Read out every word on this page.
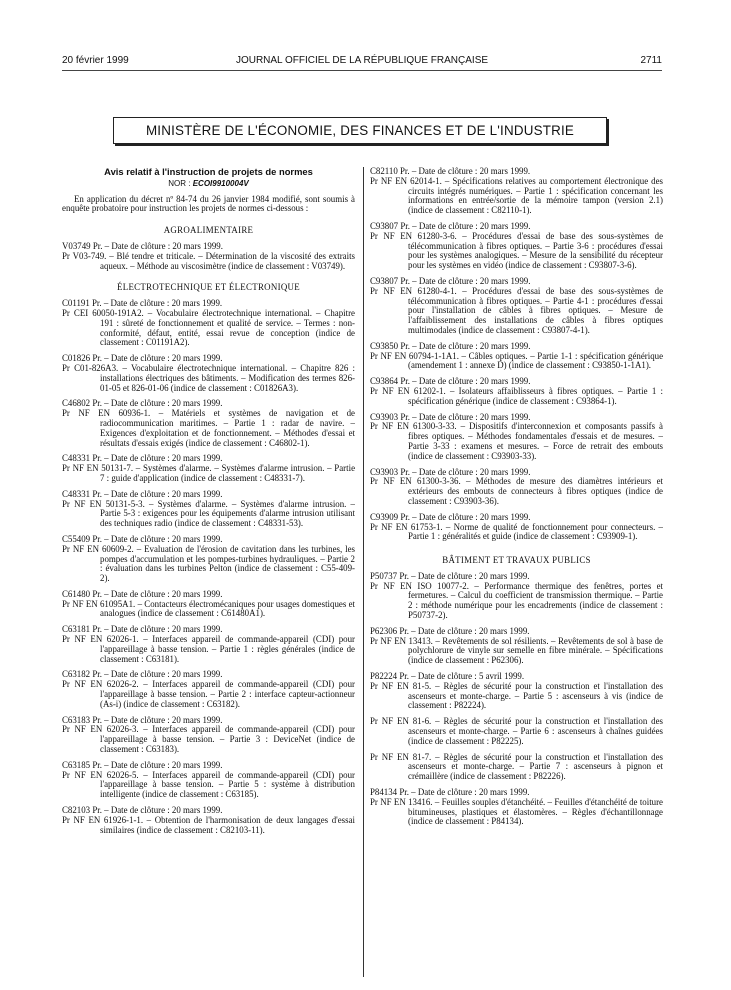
20 février 1999	JOURNAL OFFICIEL DE LA RÉPUBLIQUE FRANÇAISE	2711
MINISTÈRE DE L'ÉCONOMIE, DES FINANCES ET DE L'INDUSTRIE
Avis relatif à l'instruction de projets de normes
NOR : ECOI9910004V
En application du décret nº 84-74 du 26 janvier 1984 modifié, sont soumis à enquête probatoire pour instruction les projets de normes ci-dessous :
AGROALIMENTAIRE
V03749 Pr. – Date de clôture : 20 mars 1999.
Pr V03-749. – Blé tendre et triticale. – Détermination de la viscosité des extraits aqueux. – Méthode au viscosimètre (indice de classement : V03749).
ÉLECTROTECHNIQUE ET ÉLECTRONIQUE
C01191 Pr. – Date de clôture : 20 mars 1999.
Pr CEI 60050-191A2. – Vocabulaire électrotechnique international. – Chapitre 191 : sûreté de fonctionnement et qualité de service. – Termes : non-conformité, défaut, entité, essai revue de conception (indice de classement : C01191A2).
C01826 Pr. – Date de clôture : 20 mars 1999.
Pr C01-826A3. – Vocabulaire électrotechnique international. – Chapitre 826 : installations électriques des bâtiments. – Modification des termes 826-01-05 et 826-01-06 (indice de classement : C01826A3).
C46802 Pr. – Date de clôture : 20 mars 1999.
Pr NF EN 60936-1. – Matériels et systèmes de navigation et de radiocommunication maritimes. – Partie 1 : radar de navire. – Exigences d'exploitation et de fonctionnement. – Méthodes d'essai et résultats d'essais exigés (indice de classement : C46802-1).
C48331 Pr. – Date de clôture : 20 mars 1999.
Pr NF EN 50131-7. – Systèmes d'alarme. – Systèmes d'alarme intrusion. – Partie 7 : guide d'application (indice de classement : C48331-7).
C48331 Pr. – Date de clôture : 20 mars 1999.
Pr NF EN 50131-5-3. – Systèmes d'alarme. – Systèmes d'alarme intrusion. – Partie 5-3 : exigences pour les équipements d'alarme intrusion utilisant des techniques radio (indice de classement : C48331-53).
C55409 Pr. – Date de clôture : 20 mars 1999.
Pr NF EN 60609-2. – Evaluation de l'érosion de cavitation dans les turbines, les pompes d'accumulation et les pompes-turbines hydrauliques. – Partie 2 : évaluation dans les turbines Pelton (indice de classement : C55-409-2).
C61480 Pr. – Date de clôture : 20 mars 1999.
Pr NF EN 61095A1. – Contacteurs électromécaniques pour usages domestiques et analogues (indice de classement : C61480A1).
C63181 Pr. – Date de clôture : 20 mars 1999.
Pr NF EN 62026-1. – Interfaces appareil de commande-appareil (CDI) pour l'appareillage à basse tension. – Partie 1 : règles générales (indice de classement : C63181).
C63182 Pr. – Date de clôture : 20 mars 1999.
Pr NF EN 62026-2. – Interfaces appareil de commande-appareil (CDI) pour l'appareillage à basse tension. – Partie 2 : interface capteur-actionneur (As-i) (indice de classement : C63182).
C63183 Pr. – Date de clôture : 20 mars 1999.
Pr NF EN 62026-3. – Interfaces appareil de commande-appareil (CDI) pour l'appareillage à basse tension. – Partie 3 : DeviceNet (indice de classement : C63183).
C63185 Pr. – Date de clôture : 20 mars 1999.
Pr NF EN 62026-5. – Interfaces appareil de commande-appareil (CDI) pour l'appareillage à basse tension. – Partie 5 : système à distribution intelligente (indice de classement : C63185).
C82103 Pr. – Date de clôture : 20 mars 1999.
Pr NF EN 61926-1-1. – Obtention de l'harmonisation de deux langages d'essai similaires (indice de classement : C82103-11).
C82110 Pr. – Date de clôture : 20 mars 1999.
Pr NF EN 62014-1. – Spécifications relatives au comportement électronique des circuits intégrés numériques. – Partie 1 : spécification concernant les informations en entrée/sortie de la mémoire tampon (version 2.1) (indice de classement : C82110-1).
C93807 Pr. – Date de clôture : 20 mars 1999.
Pr NF EN 61280-3-6. – Procédures d'essai de base des sous-systèmes de télécommunication à fibres optiques. – Partie 3-6 : procédures d'essai pour les systèmes analogiques. – Mesure de la sensibilité du récepteur pour les systèmes en vidéo (indice de classement : C93807-3-6).
C93807 Pr. – Date de clôture : 20 mars 1999.
Pr NF EN 61280-4-1. – Procédures d'essai de base des sous-systèmes de télécommunication à fibres optiques. – Partie 4-1 : procédures d'essai pour l'installation de câbles à fibres optiques. – Mesure de l'affaiblissement des installations de câbles à fibres optiques multimodales (indice de classement : C93807-4-1).
C93850 Pr. – Date de clôture : 20 mars 1999.
Pr NF EN 60794-1-1A1. – Câbles optiques. – Partie 1-1 : spécification générique (amendement 1 : annexe D) (indice de classement : C93850-1-1A1).
C93864 Pr. – Date de clôture : 20 mars 1999.
Pr NF EN 61202-1. – Isolateurs affaiblisseurs à fibres optiques. – Partie 1 : spécification générique (indice de classement : C93864-1).
C93903 Pr. – Date de clôture : 20 mars 1999.
Pr NF EN 61300-3-33. – Dispositifs d'interconnexion et composants passifs à fibres optiques. – Méthodes fondamentales d'essais et de mesures. – Partie 3-33 : examens et mesures. – Force de retrait des embouts (indice de classement : C93903-33).
C93903 Pr. – Date de clôture : 20 mars 1999.
Pr NF EN 61300-3-36. – Méthodes de mesure des diamètres intérieurs et extérieurs des embouts de connecteurs à fibres optiques (indice de classement : C93903-36).
C93909 Pr. – Date de clôture : 20 mars 1999.
Pr NF EN 61753-1. – Norme de qualité de fonctionnement pour connecteurs. – Partie 1 : généralités et guide (indice de classement : C93909-1).
BÂTIMENT ET TRAVAUX PUBLICS
P50737 Pr. – Date de clôture : 20 mars 1999.
Pr NF EN ISO 10077-2. – Performance thermique des fenêtres, portes et fermetures. – Calcul du coefficient de transmission thermique. – Partie 2 : méthode numérique pour les encadrements (indice de classement : P50737-2).
P62306 Pr. – Date de clôture : 20 mars 1999.
Pr NF EN 13413. – Revêtements de sol résilients. – Revêtements de sol à base de polychlorure de vinyle sur semelle en fibre minérale. – Spécifications (indice de classement : P62306).
P82224 Pr. – Date de clôture : 5 avril 1999.
Pr NF EN 81-5. – Règles de sécurité pour la construction et l'installation des ascenseurs et monte-charge. – Partie 5 : ascenseurs à vis (indice de classement : P82224).
Pr NF EN 81-6. – Règles de sécurité pour la construction et l'installation des ascenseurs et monte-charge. – Partie 6 : ascenseurs à chaînes guidées (indice de classement : P82225).
Pr NF EN 81-7. – Règles de sécurité pour la construction et l'installation des ascenseurs et monte-charge. – Partie 7 : ascenseurs à pignon et crémaillère (indice de classement : P82226).
P84134 Pr. – Date de clôture : 20 mars 1999.
Pr NF EN 13416. – Feuilles souples d'étanchéité. – Feuilles d'étanchéité de toiture bitumineuses, plastiques et élastomères. – Règles d'échantillonnage (indice de classement : P84134).
